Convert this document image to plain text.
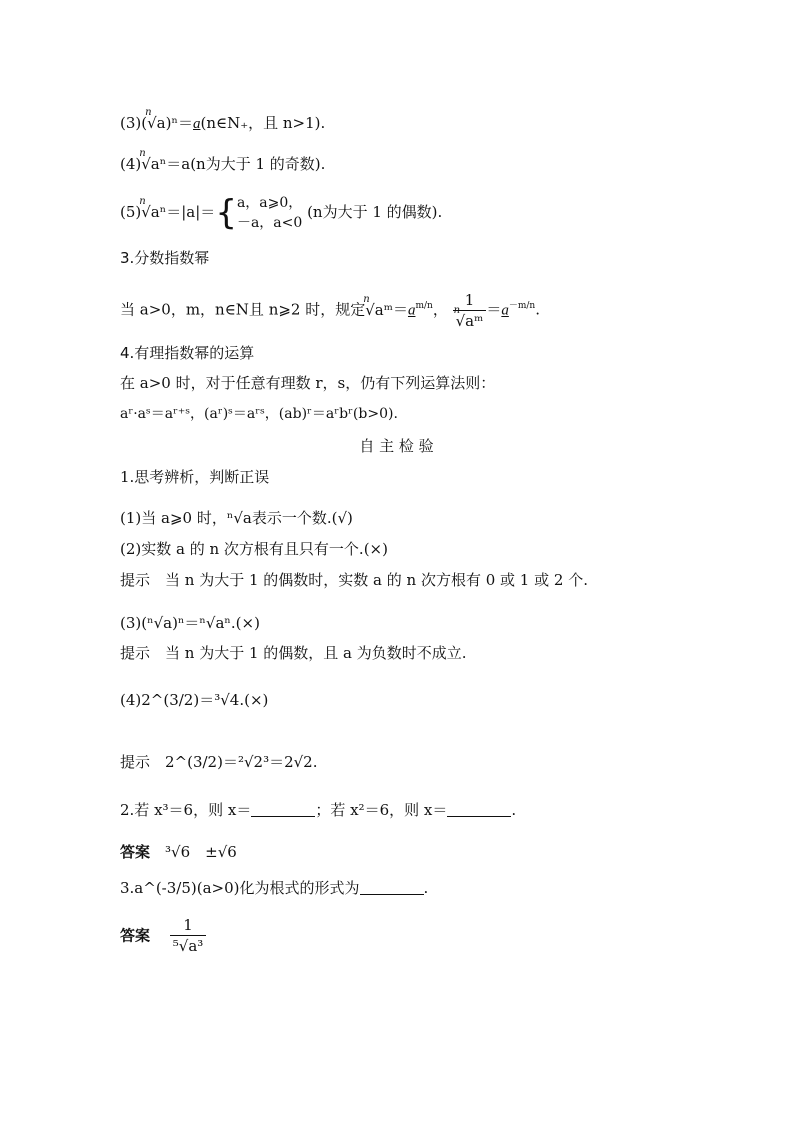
(3)(
n
√a)ⁿ＝a(n∈N₊，且 n>1).
(4)
n
√aⁿ＝a(n为大于 1 的奇数).
(5)
n
√aⁿ＝|a|＝{ a，a⩾0，
－a，a<0
(n为大于 1 的偶数).
3.分数指数幂
当 a>0，m，n∈N且 n⩾2 时，规定
n
$√aᵐ=a^{m/n}$， 1
n
√aᵐ $=a^{-m/n}$.
4.有理指数幂的运算
在 a>0 时，对于任意有理数 r，s，仍有下列运算法则：
aʳ·aˢ＝aʳ⁺ˢ，(aʳ)ˢ＝aʳˢ，(ab)ʳ＝aʳbʳ(b>0).
自 主 检 验
1.思考辨析，判断正误
(1)当 a⩾0 时，ⁿ√a表示一个数.(√)
(2)实数 a 的 n 次方根有且只有一个.(×)
提示　当 n 为大于 1 的偶数时，实数 a 的 n 次方根有 0 或 1 或 2 个.
(3)(ⁿ√a)ⁿ＝ⁿ√aⁿ.(×)
提示　当 n 为大于 1 的偶数，且 a 为负数时不成立.
(4)2^(3/2)＝³√4.(×)
提示　2^(3/2)＝²√2³＝2√2.
2.若 x³＝6，则 x＝	；若 x²＝6，则 x＝	.
答案　 ³√6　±√6
3.a^(-3/5)(a>0)化为根式的形式为	.
答案　 $\frac{1}{\text{⁵√a³}}$
